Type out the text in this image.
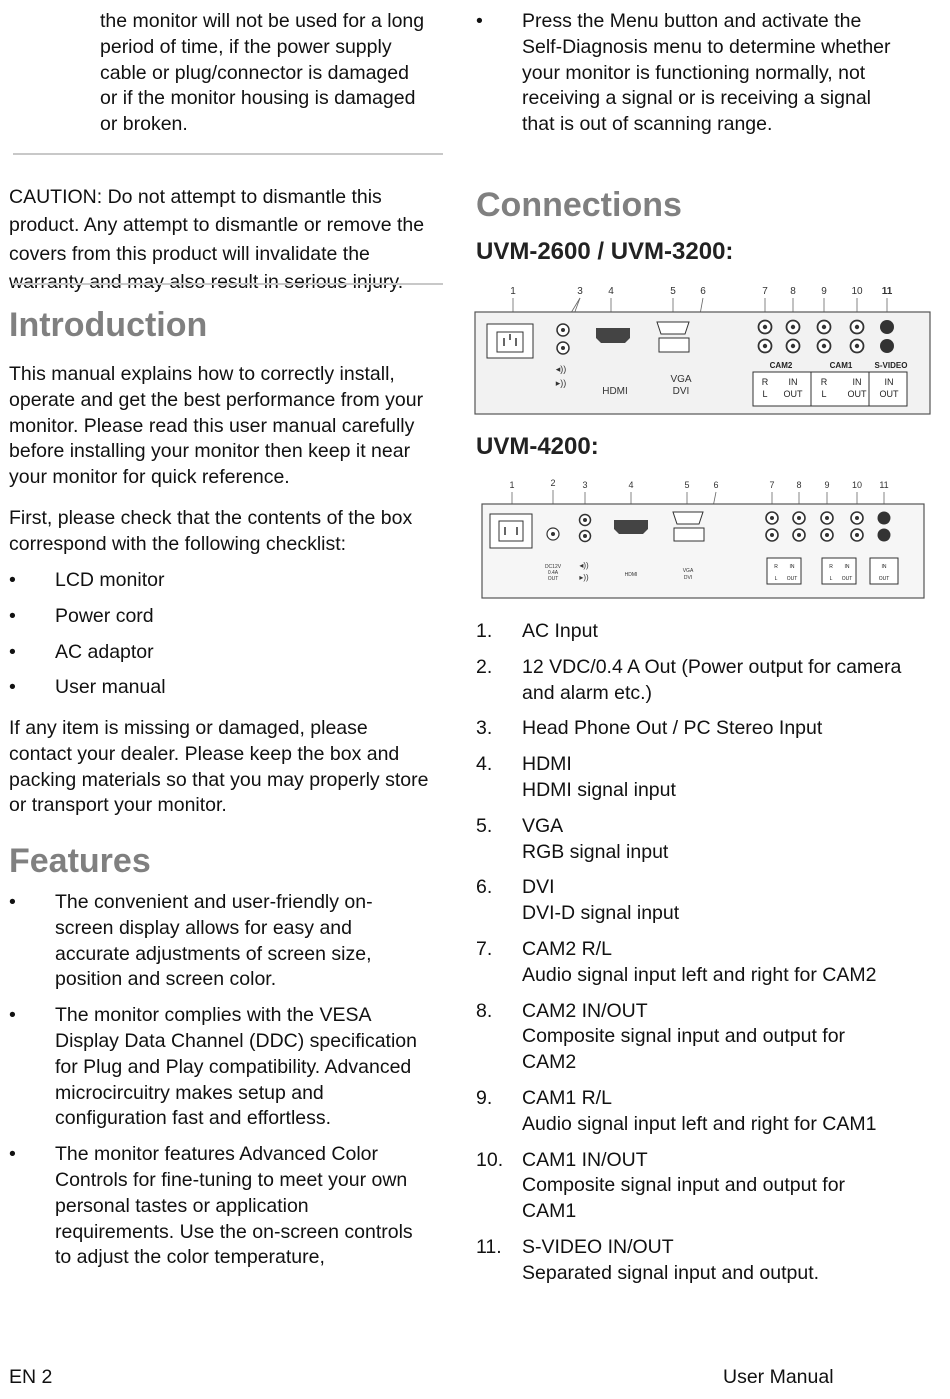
the monitor will not be used for a long period of time, if the power supply cable or plug/connector is damaged or if the monitor housing is damaged or broken.

CAUTION: Do not attempt to dismantle this product. Any attempt to dismantle or remove the covers from this product will invalidate the warranty and may also result in serious injury.

Introduction

This manual explains how to correctly install, operate and get the best performance from your monitor. Please read this user manual carefully before installing your monitor then keep it near your monitor for quick reference.

First, please check that the contents of the box correspond with the following checklist:

• LCD monitor
• Power cord
• AC adaptor
• User manual

If any item is missing or damaged, please contact your dealer. Please keep the box and packing materials so that you may properly store or transport your monitor.

Features
• The convenient and user-friendly on-screen display allows for easy and accurate adjustments of screen size, position and screen color.
• The monitor complies with the VESA Display Data Channel (DDC) specification for Plug and Play compatibility. Advanced microcircuitry makes setup and configuration fast and effortless.
• The monitor features Advanced Color Controls for fine-tuning to meet your own personal tastes or application requirements. Use the on-screen controls to adjust the color temperature,
• Press the Menu button and activate the Self-Diagnosis menu to determine whether your monitor is functioning normally, not receiving a signal or is receiving a signal that is out of scanning range.
Connections
UVM-2600 / UVM-3200:
1	3	4	5 6	7 8	9 10 11
◂))
▸))
HDMI
VGA
DVI
CAM2	CAM1	S-VIDEO
R
L
IN
OUT
R
L
IN
OUT
IN
OUT
UVM-4200:
1	2	3	4	5	6	7 8	9 10 11
DC12V
0.4A
OUT
◂))
▸))	HDMI
VGA
DVI
R IN
L OUT
R IN
L OUT
IN
OUT
1. AC Input
2. 12 VDC/0.4 A Out (Power output for camera and alarm etc.)
3. Head Phone Out / PC Stereo Input
4. HDMI
HDMI signal input
5. VGA
RGB signal input
6. DVI
DVI-D signal input
7. CAM2 R/L
Audio signal input left and right for CAM2
8. CAM2 IN/OUT
Composite signal input and output for CAM2
9. CAM1 R/L
Audio signal input left and right for CAM1
10. CAM1 IN/OUT
Composite signal input and output for CAM1
11. S-VIDEO IN/OUT
Separated signal input and output.
EN 2	User Manual
